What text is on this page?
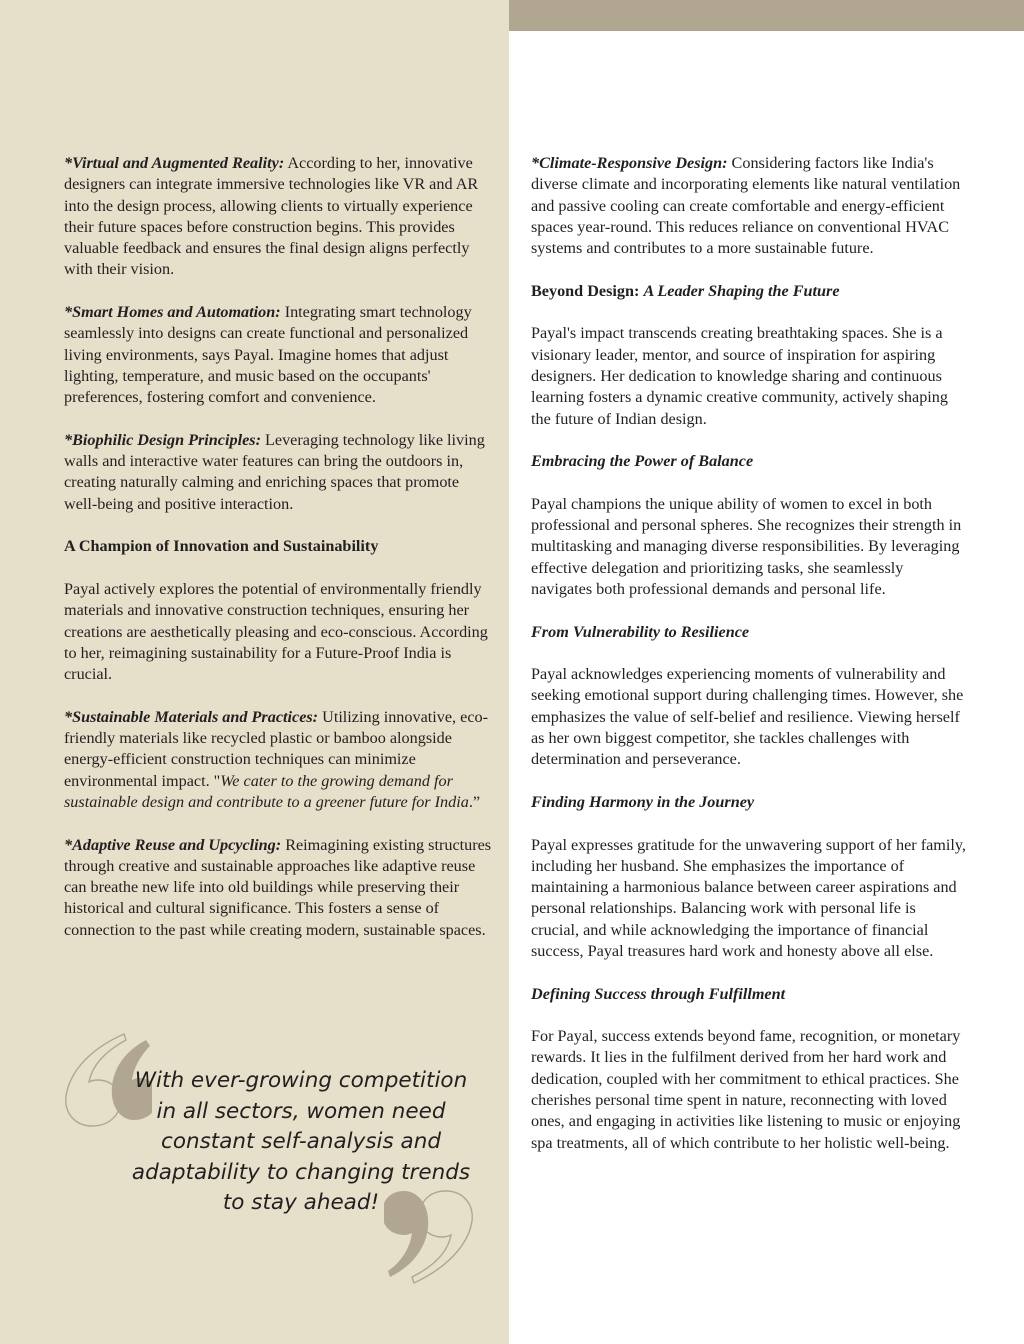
*Virtual and Augmented Reality: According to her, innovative designers can integrate immersive technologies like VR and AR into the design process, allowing clients to virtually experience their future spaces before construction begins. This provides valuable feedback and ensures the final design aligns perfectly with their vision.

*Smart Homes and Automation: Integrating smart technology seamlessly into designs can create functional and personalized living environments, says Payal. Imagine homes that adjust lighting, temperature, and music based on the occupants' preferences, fostering comfort and convenience.

*Biophilic Design Principles: Leveraging technology like living walls and interactive water features can bring the outdoors in, creating naturally calming and enriching spaces that promote well-being and positive interaction.

A Champion of Innovation and Sustainability

Payal actively explores the potential of environmentally friendly materials and innovative construction techniques, ensuring her creations are aesthetically pleasing and eco-conscious. According to her, reimagining sustainability for a Future-Proof India is crucial.

*Sustainable Materials and Practices: Utilizing innovative, eco-friendly materials like recycled plastic or bamboo alongside energy-efficient construction techniques can minimize environmental impact. "We cater to the growing demand for sustainable design and contribute to a greener future for India.”

*Adaptive Reuse and Upcycling: Reimagining existing structures through creative and sustainable approaches like adaptive reuse can breathe new life into old buildings while preserving their historical and cultural significance. This fosters a sense of connection to the past while creating modern, sustainable spaces.

With ever-growing competition
in all sectors, women need
constant self-analysis and
adaptability to changing trends
to stay ahead!

*Climate-Responsive Design: Considering factors like India's diverse climate and incorporating elements like natural ventilation and passive cooling can create comfortable and energy-efficient spaces year-round. This reduces reliance on conventional HVAC systems and contributes to a more sustainable future.

Beyond Design: A Leader Shaping the Future

Payal's impact transcends creating breathtaking spaces. She is a visionary leader, mentor, and source of inspiration for aspiring designers. Her dedication to knowledge sharing and continuous learning fosters a dynamic creative community, actively shaping the future of Indian design.

Embracing the Power of Balance

Payal champions the unique ability of women to excel in both professional and personal spheres. She recognizes their strength in multitasking and managing diverse responsibilities. By leveraging effective delegation and prioritizing tasks, she seamlessly navigates both professional demands and personal life.

From Vulnerability to Resilience

Payal acknowledges experiencing moments of vulnerability and seeking emotional support during challenging times. However, she emphasizes the value of self-belief and resilience. Viewing herself as her own biggest competitor, she tackles challenges with determination and perseverance.

Finding Harmony in the Journey

Payal expresses gratitude for the unwavering support of her family, including her husband. She emphasizes the importance of maintaining a harmonious balance between career aspirations and personal relationships. Balancing work with personal life is crucial, and while acknowledging the importance of financial success, Payal treasures hard work and honesty above all else.

Defining Success through Fulfillment

For Payal, success extends beyond fame, recognition, or monetary rewards. It lies in the fulfilment derived from her hard work and dedication, coupled with her commitment to ethical practices. She cherishes personal time spent in nature, reconnecting with loved ones, and engaging in activities like listening to music or enjoying spa treatments, all of which contribute to her holistic well-being.
